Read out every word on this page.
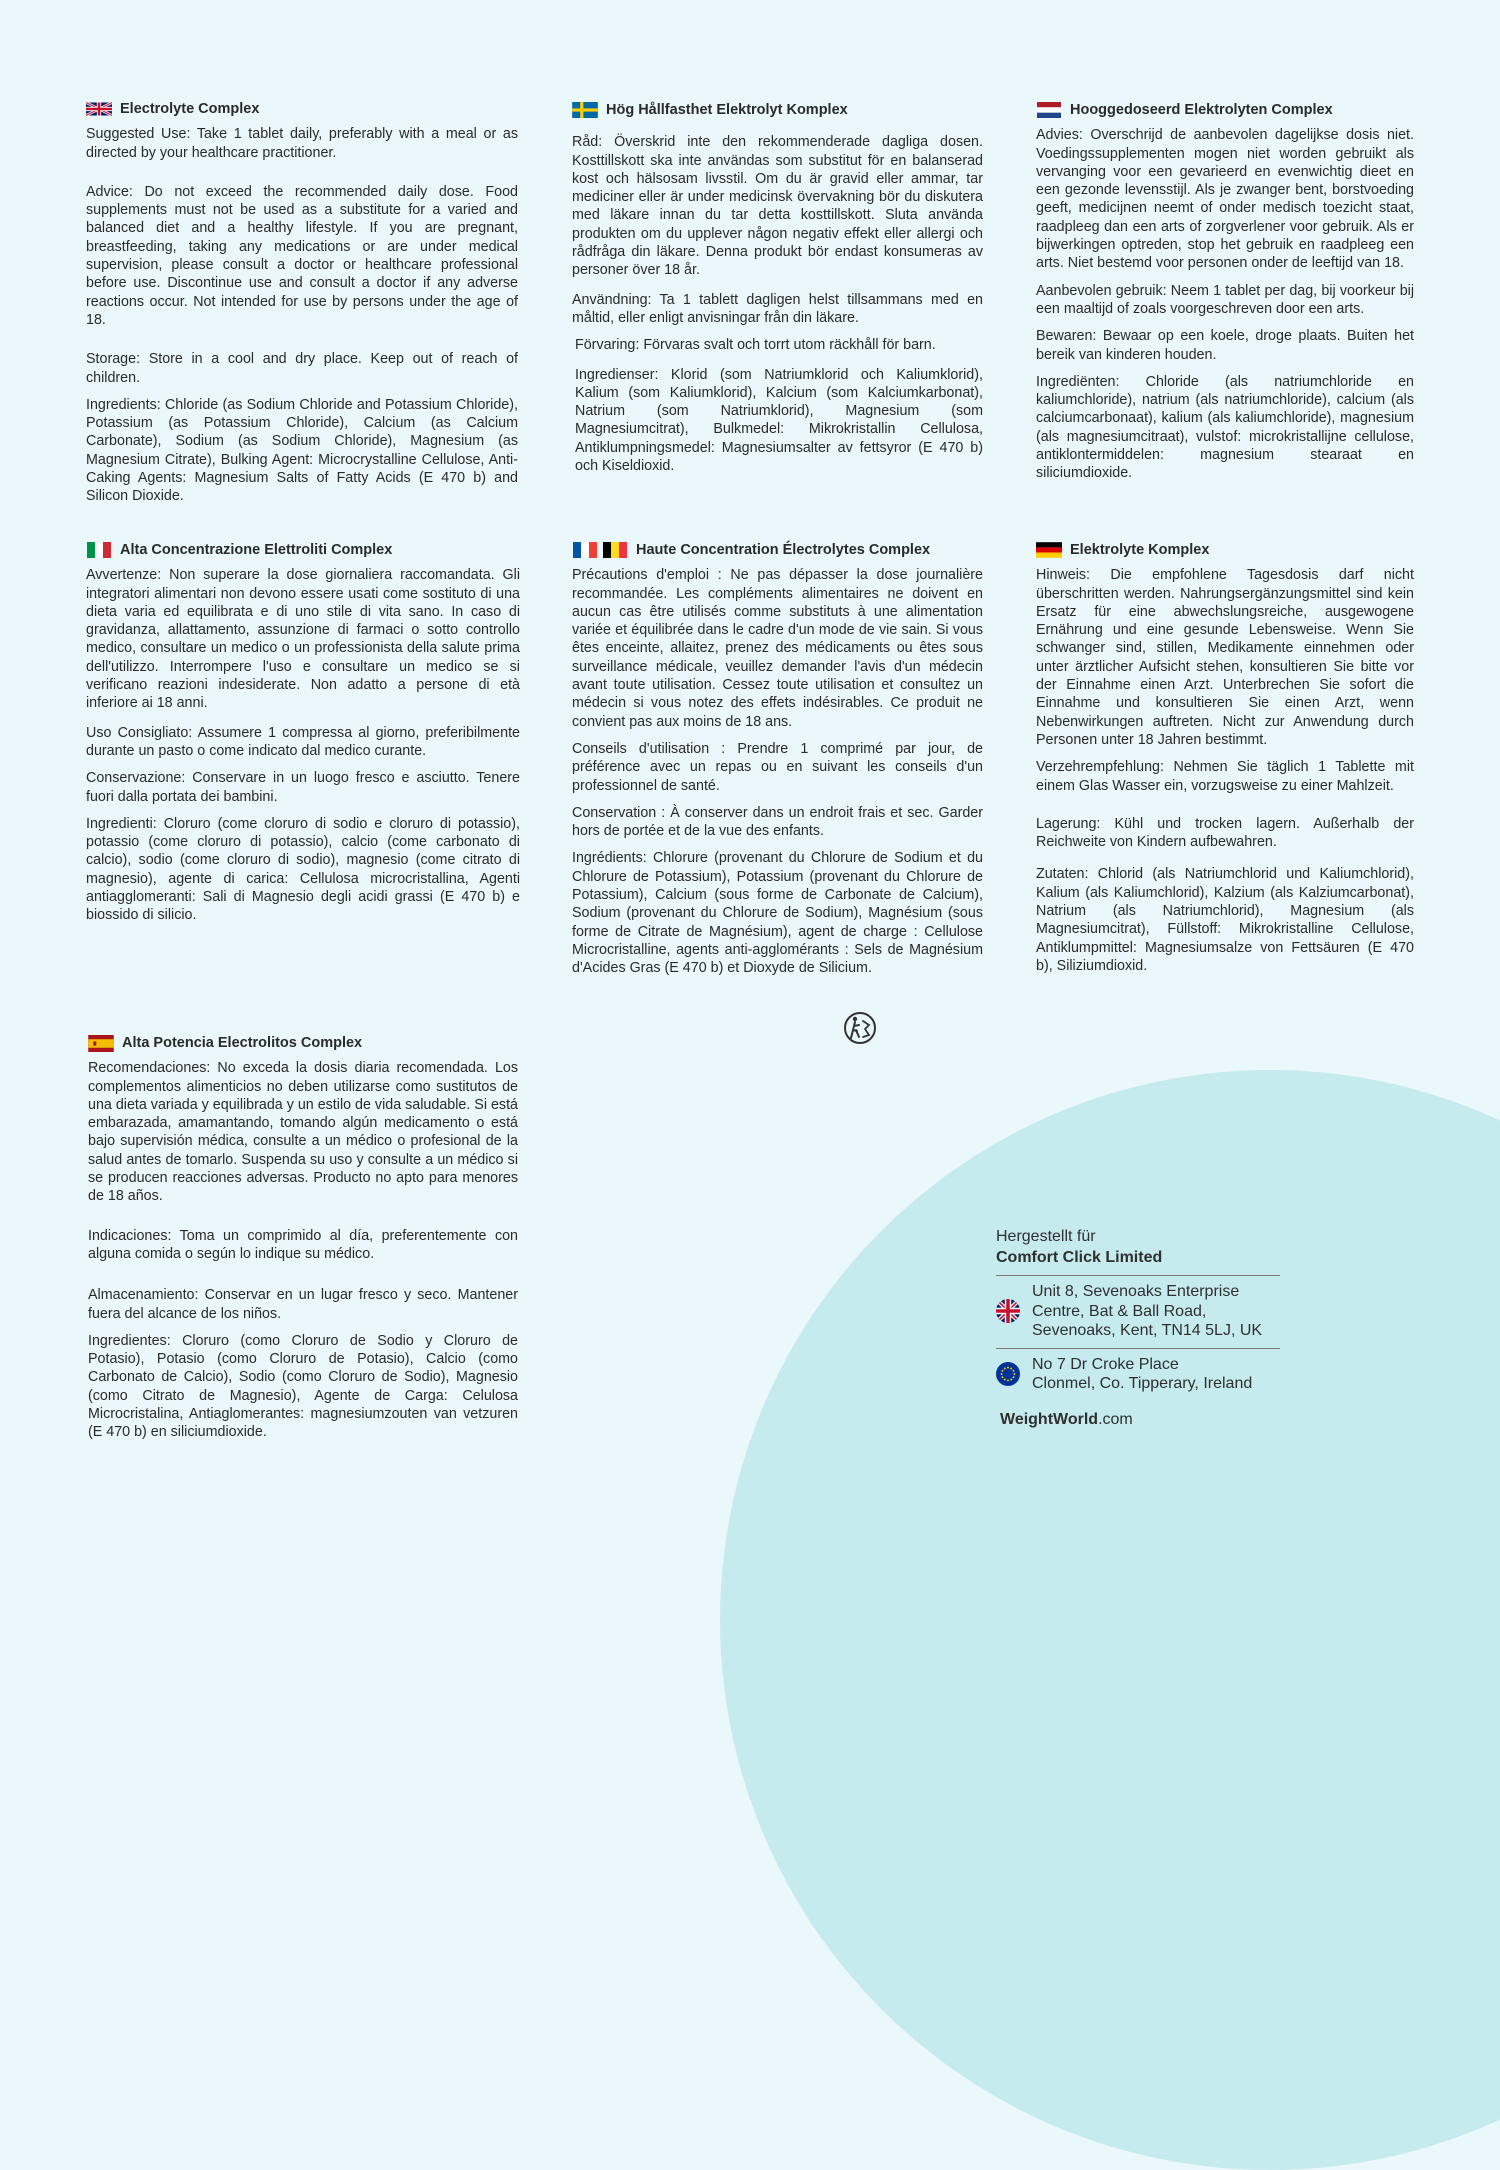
Electrolyte Complex

Suggested Use: Take 1 tablet daily, preferably with a meal or as directed by your healthcare practitioner.

Advice: Do not exceed the recommended daily dose. Food supplements must not be used as a substitute for a varied and balanced diet and a healthy lifestyle. If you are pregnant, breastfeeding, taking any medications or are under medical supervision, please consult a doctor or healthcare professional before use. Discontinue use and consult a doctor if any adverse reactions occur. Not intended for use by persons under the age of 18.

Storage: Store in a cool and dry place. Keep out of reach of children.

Ingredients: Chloride (as Sodium Chloride and Potassium Chloride), Potassium (as Potassium Chloride), Calcium (as Calcium Carbonate), Sodium (as Sodium Chloride), Magnesium (as Magnesium Citrate), Bulking Agent: Microcrystalline Cellulose, Anti-Caking Agents: Magnesium Salts of Fatty Acids (E 470 b) and Silicon Dioxide.

Hög Hållfasthet Elektrolyt Komplex

Råd: Överskrid inte den rekommenderade dagliga dosen. Kosttillskott ska inte användas som substitut för en balanserad kost och hälsosam livsstil. Om du är gravid eller ammar, tar mediciner eller är under medicinsk övervakning bör du diskutera med läkare innan du tar detta kosttillskott. Sluta använda produkten om du upplever någon negativ effekt eller allergi och rådfråga din läkare. Denna produkt bör endast konsumeras av personer över 18 år.

Användning: Ta 1 tablett dagligen helst tillsammans med en måltid, eller enligt anvisningar från din läkare.

Förvaring: Förvaras svalt och torrt utom räckhåll för barn.

Ingredienser: Klorid (som Natriumklorid och Kaliumklorid), Kalium (som Kaliumklorid), Kalcium (som Kalciumkarbonat), Natrium (som Natriumklorid), Magnesium (som Magnesiumcitrat), Bulkmedel: Mikrokristallin Cellulosa, Antiklumpningsmedel: Magnesiumsalter av fettsyror (E 470 b) och Kiseldioxid.

Hooggedoseerd Elektrolyten Complex

Advies: Overschrijd de aanbevolen dagelijkse dosis niet. Voedingssupplementen mogen niet worden gebruikt als vervanging voor een gevarieerd en evenwichtig dieet en een gezonde levensstijl. Als je zwanger bent, borstvoeding geeft, medicijnen neemt of onder medisch toezicht staat, raadpleeg dan een arts of zorgverlener voor gebruik. Als er bijwerkingen optreden, stop het gebruik en raadpleeg een arts. Niet bestemd voor personen onder de leeftijd van 18.

Aanbevolen gebruik: Neem 1 tablet per dag, bij voorkeur bij een maaltijd of zoals voorgeschreven door een arts.

Bewaren: Bewaar op een koele, droge plaats. Buiten het bereik van kinderen houden.

Ingrediënten: Chloride (als natriumchloride en kaliumchloride), natrium (als natriumchloride), calcium (als calciumcarbonaat), kalium (als kaliumchloride), magnesium (als magnesiumcitraat), vulstof: microkristallijne cellulose, antiklontermiddelen: magnesium stearaat en siliciumdioxide.

Alta Concentrazione Elettroliti Complex

Avvertenze: Non superare la dose giornaliera raccomandata. Gli integratori alimentari non devono essere usati come sostituto di una dieta varia ed equilibrata e di uno stile di vita sano. In caso di gravidanza, allattamento, assunzione di farmaci o sotto controllo medico, consultare un medico o un professionista della salute prima dell'utilizzo. Interrompere l'uso e consultare un medico se si verificano reazioni indesiderate. Non adatto a persone di età inferiore ai 18 anni.

Uso Consigliato: Assumere 1 compressa al giorno, preferibilmente durante un pasto o come indicato dal medico curante.

Conservazione: Conservare in un luogo fresco e asciutto. Tenere fuori dalla portata dei bambini.

Ingredienti: Cloruro (come cloruro di sodio e cloruro di potassio), potassio (come cloruro di potassio), calcio (come carbonato di calcio), sodio (come cloruro di sodio), magnesio (come citrato di magnesio), agente di carica: Cellulosa microcristallina, Agenti antiagglomeranti: Sali di Magnesio degli acidi grassi (E 470 b) e biossido di silicio.

Haute Concentration Électrolytes Complex

Précautions d'emploi : Ne pas dépasser la dose journalière recommandée. Les compléments alimentaires ne doivent en aucun cas être utilisés comme substituts à une alimentation variée et équilibrée dans le cadre d'un mode de vie sain. Si vous êtes enceinte, allaitez, prenez des médicaments ou êtes sous surveillance médicale, veuillez demander l'avis d'un médecin avant toute utilisation. Cessez toute utilisation et consultez un médecin si vous notez des effets indésirables. Ce produit ne convient pas aux moins de 18 ans.

Conseils d'utilisation : Prendre 1 comprimé par jour, de préférence avec un repas ou en suivant les conseils d'un professionnel de santé.

Conservation : À conserver dans un endroit frais et sec. Garder hors de portée et de la vue des enfants.

Ingrédients: Chlorure (provenant du Chlorure de Sodium et du Chlorure de Potassium), Potassium (provenant du Chlorure de Potassium), Calcium (sous forme de Carbonate de Calcium), Sodium (provenant du Chlorure de Sodium), Magnésium (sous forme de Citrate de Magnésium), agent de charge : Cellulose Microcristalline, agents anti-agglomérants : Sels de Magnésium d'Acides Gras (E 470 b) et Dioxyde de Silicium.

Elektrolyte Komplex

Hinweis: Die empfohlene Tagesdosis darf nicht überschritten werden. Nahrungsergänzungsmittel sind kein Ersatz für eine abwechslungsreiche, ausgewogene Ernährung und eine gesunde Lebensweise. Wenn Sie schwanger sind, stillen, Medikamente einnehmen oder unter ärztlicher Aufsicht stehen, konsultieren Sie bitte vor der Einnahme einen Arzt. Unterbrechen Sie sofort die Einnahme und konsultieren Sie einen Arzt, wenn Nebenwirkungen auftreten. Nicht zur Anwendung durch Personen unter 18 Jahren bestimmt.

Verzehrempfehlung: Nehmen Sie täglich 1 Tablette mit einem Glas Wasser ein, vorzugsweise zu einer Mahlzeit.

Lagerung: Kühl und trocken lagern. Außerhalb der Reichweite von Kindern aufbewahren.

Zutaten: Chlorid (als Natriumchlorid und Kaliumchlorid), Kalium (als Kaliumchlorid), Kalzium (als Kalziumcarbonat), Natrium (als Natriumchlorid), Magnesium (als Magnesiumcitrat), Füllstoff: Mikrokristalline Cellulose, Antiklumpmittel: Magnesiumsalze von Fettsäuren (E 470 b), Siliziumdioxid.

Alta Potencia Electrolitos Complex

Recomendaciones: No exceda la dosis diaria recomendada. Los complementos alimenticios no deben utilizarse como sustitutos de una dieta variada y equilibrada y un estilo de vida saludable. Si está embarazada, amamantando, tomando algún medicamento o está bajo supervisión médica, consulte a un médico o profesional de la salud antes de tomarlo. Suspenda su uso y consulte a un médico si se producen reacciones adversas. Producto no apto para menores de 18 años.

Indicaciones: Toma un comprimido al día, preferentemente con alguna comida o según lo indique su médico.

Almacenamiento: Conservar en un lugar fresco y seco. Mantener fuera del alcance de los niños.

Ingredientes: Cloruro (como Cloruro de Sodio y Cloruro de Potasio), Potasio (como Cloruro de Potasio), Calcio (como Carbonato de Calcio), Sodio (como Cloruro de Sodio), Magnesio (como Citrato de Magnesio), Agente de Carga: Celulosa Microcristalina, Antiaglomerantes: magnesiumzouten van vetzuren (E 470 b) en siliciumdioxide.

Hergestellt für
Comfort Click Limited
Unit 8, Sevenoaks Enterprise
Centre, Bat & Ball Road,
Sevenoaks, Kent, TN14 5LJ, UK
No 7 Dr Croke Place
Clonmel, Co. Tipperary, Ireland
WeightWorld.com
